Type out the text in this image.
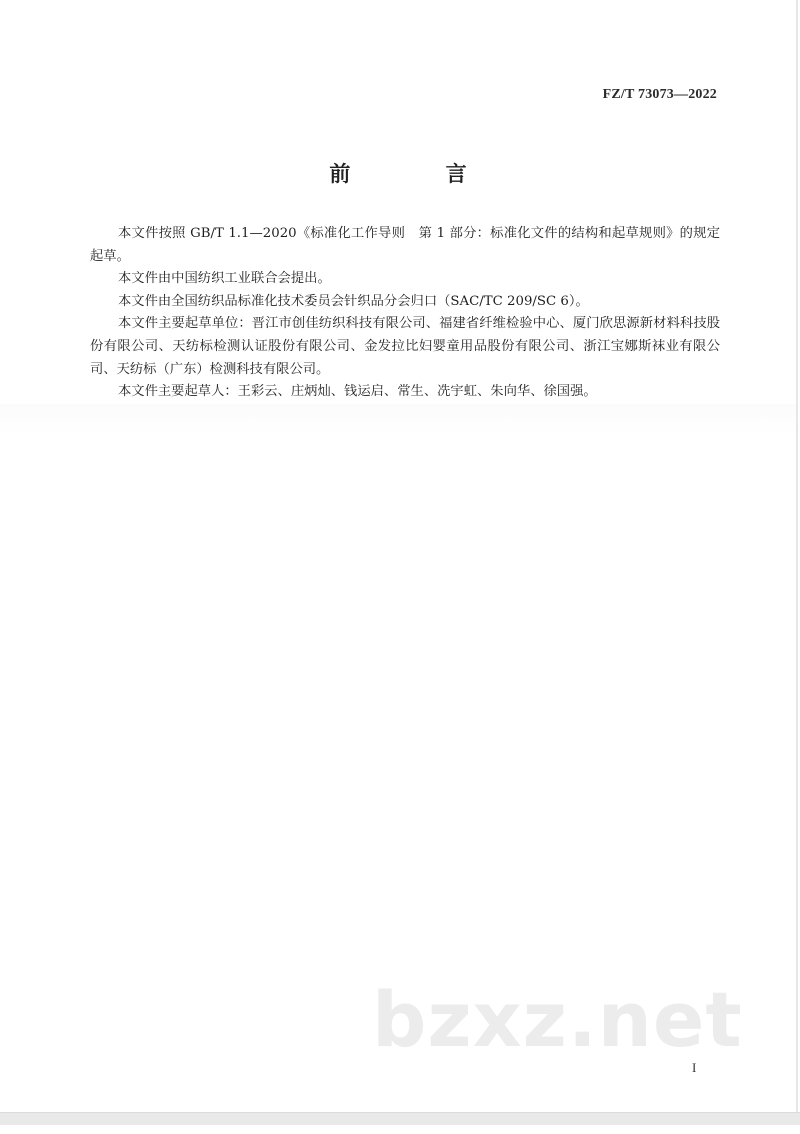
FZ/T 73073—2022
前 言

本文件按照 GB/T 1.1—2020《标准化工作导则　第 1 部分：标准化文件的结构和起草规则》的规定起草。

本文件由中国纺织工业联合会提出。

本文件由全国纺织品标准化技术委员会针织品分会归口（SAC/TC 209/SC 6）。

本文件主要起草单位：晋江市创佳纺织科技有限公司、福建省纤维检验中心、厦门欣思源新材料科技股份有限公司、天纺标检测认证股份有限公司、金发拉比妇婴童用品股份有限公司、浙江宝娜斯袜业有限公司、天纺标（广东）检测科技有限公司。

本文件主要起草人：王彩云、庄炳灿、钱运启、常生、冼宇虹、朱向华、徐国强。

bzxz.net
I
